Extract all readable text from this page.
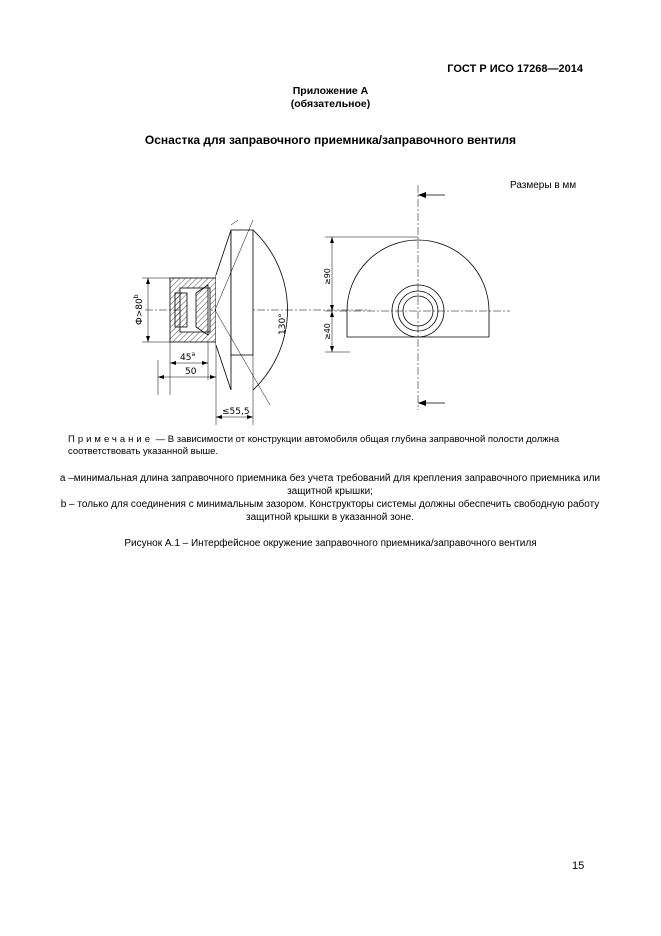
ГОСТ Р ИСО 17268—2014
Приложение А
(обязательное)
Оснастка для заправочного приемника/заправочного вентиля
Размеры в мм
$Ф>80^b$
45$^a$
50
≤55,5
130°
≥90
≥40
Примечание — В зависимости от конструкции автомобиля общая глубина заправочной полости должна соответствовать указанной выше.
а –минимальная длина заправочного приемника без учета требований для крепления заправочного приемника или защитной крышки;
b – только для соединения с минимальным зазором. Конструкторы системы должны обеспечить свободную работу защитной крышки в указанной зоне.
Рисунок А.1 – Интерфейсное окружение заправочного приемника/заправочного вентиля
15
